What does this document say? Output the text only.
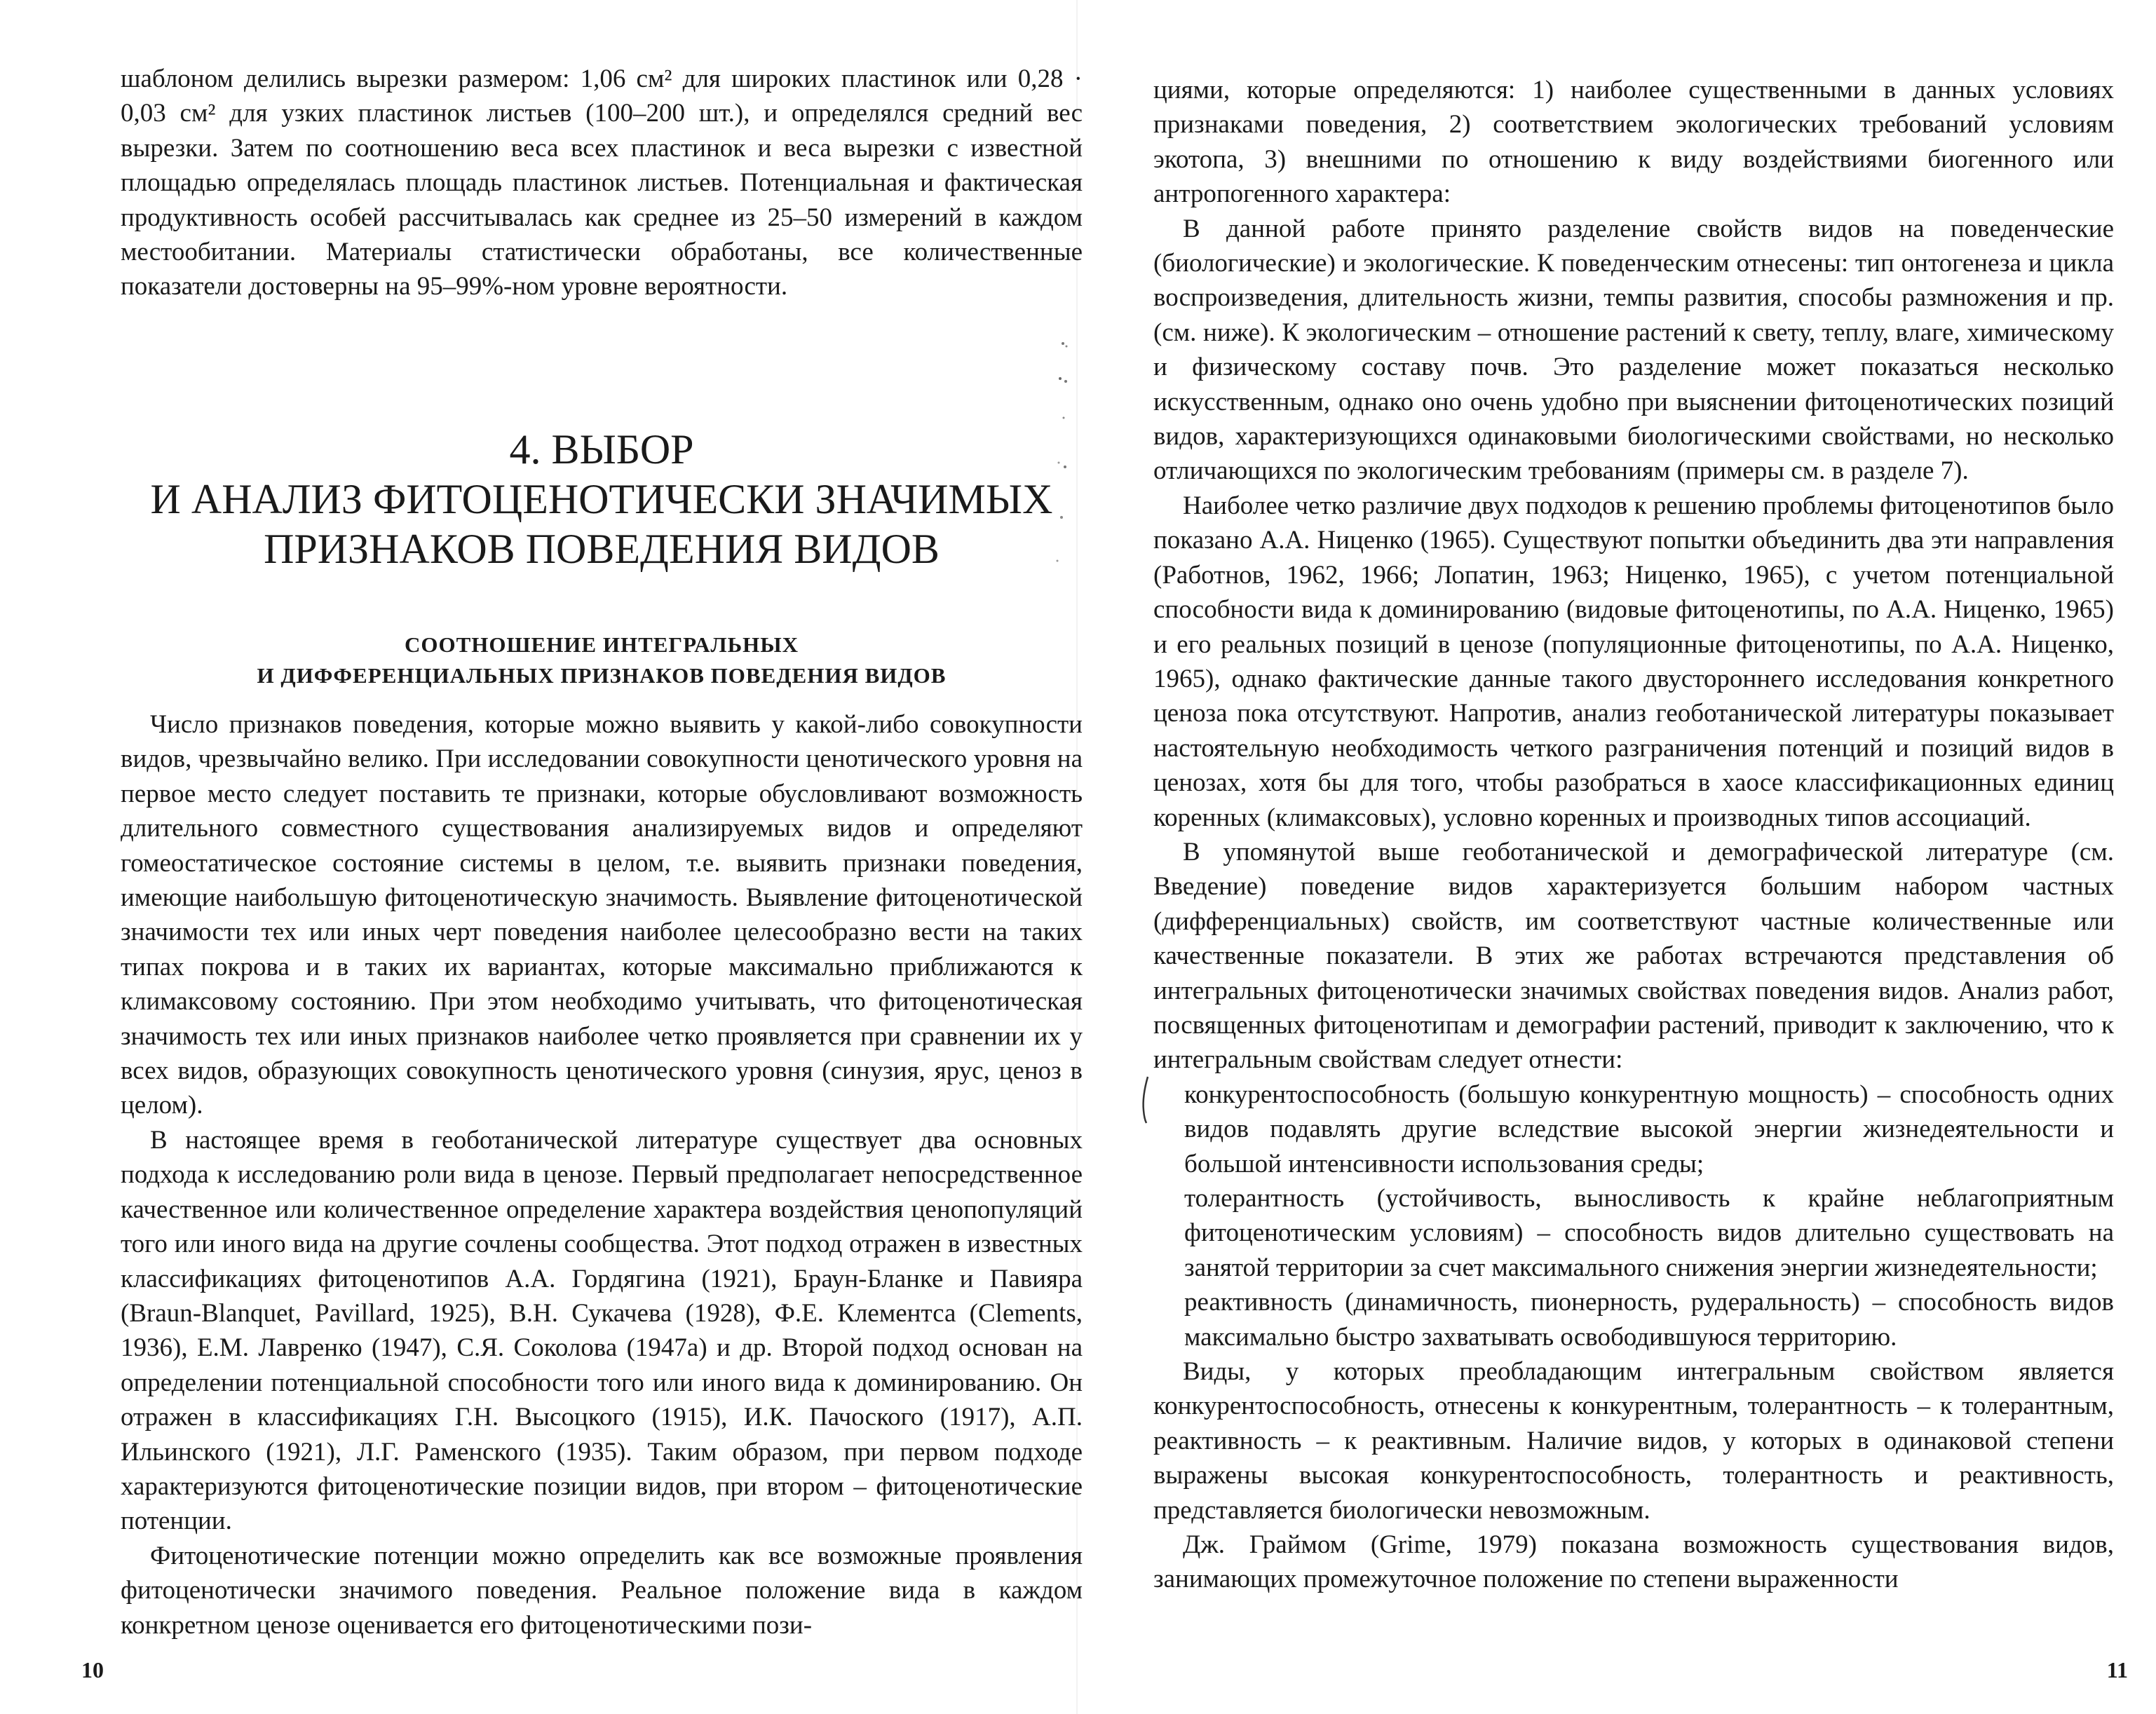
шаблоном делились вырезки размером: 1,06 см² для широких пластинок или 0,28 · 0,03 см² для узких пластинок листьев (100–200 шт.), и определялся средний вес вырезки. Затем по соотношению веса всех пластинок и веса вырезки с известной площадью определялась площадь пластинок листьев. Потенциальная и фактическая продуктивность особей рассчитывалась как среднее из 25–50 измерений в каждом местообитании. Материалы статистически обработаны, все количественные показатели достоверны на 95–99%-ном уровне вероятности.

4. ВЫБОР
И АНАЛИЗ ФИТОЦЕНОТИЧЕСКИ ЗНАЧИМЫХ
ПРИЗНАКОВ ПОВЕДЕНИЯ ВИДОВ
СООТНОШЕНИЕ ИНТЕГРАЛЬНЫХ
И ДИФФЕРЕНЦИАЛЬНЫХ ПРИЗНАКОВ ПОВЕДЕНИЯ ВИДОВ

Число признаков поведения, которые можно выявить у какой-либо совокупности видов, чрезвычайно велико. При исследовании совокупности ценотического уровня на первое место следует поставить те признаки, которые обусловливают возможность длительного совместного существования анализируемых видов и определяют гомеостатическое состояние системы в целом, т.е. выявить признаки поведения, имеющие наибольшую фитоценотическую значимость. Выявление фитоценотической значимости тех или иных черт поведения наиболее целесообразно вести на таких типах покрова и в таких их вариантах, которые максимально приближаются к климаксовому состоянию. При этом необходимо учитывать, что фитоценотическая значимость тех или иных признаков наиболее четко проявляется при сравнении их у всех видов, образующих совокупность ценотического уровня (синузия, ярус, ценоз в целом).

В настоящее время в геоботанической литературе существует два основных подхода к исследованию роли вида в ценозе. Первый предполагает непосредственное качественное или количественное определение характера воздействия ценопопуляций того или иного вида на другие сочлены сообщества. Этот подход отражен в известных классификациях фитоценотипов А.А. Гордягина (1921), Браун-Бланке и Павияра (Braun-Blanquet, Pavillard, 1925), В.Н. Сукачева (1928), Ф.Е. Клементса (Clements, 1936), Е.М. Лавренко (1947), С.Я. Соколова (1947а) и др. Второй подход основан на определении потенциальной способности того или иного вида к доминированию. Он отражен в классификациях Г.Н. Высоцкого (1915), И.К. Пачоского (1917), А.П. Ильинского (1921), Л.Г. Раменского (1935). Таким образом, при первом подходе характеризуются фитоценотические позиции видов, при втором – фитоценотические потенции.

Фитоценотические потенции можно определить как все возможные проявления фитоценотически значимого поведения. Реальное положение вида в каждом конкретном ценозе оценивается его фитоценотическими пози-

10

циями, которые определяются: 1) наиболее существенными в данных условиях признаками поведения, 2) соответствием экологических требований условиям экотопа, 3) внешними по отношению к виду воздействиями биогенного или антропогенного характера:

В данной работе принято разделение свойств видов на поведенческие (биологические) и экологические. К поведенческим отнесены: тип онтогенеза и цикла воспроизведения, длительность жизни, темпы развития, способы размножения и пр. (см. ниже). К экологическим – отношение растений к свету, теплу, влаге, химическому и физическому составу почв. Это разделение может показаться несколько искусственным, однако оно очень удобно при выяснении фитоценотических позиций видов, характеризующихся одинаковыми биологическими свойствами, но несколько отличающихся по экологическим требованиям (примеры см. в разделе 7).

Наиболее четко различие двух подходов к решению проблемы фитоценотипов было показано А.А. Ниценко (1965). Существуют попытки объединить два эти направления (Работнов, 1962, 1966; Лопатин, 1963; Ниценко, 1965), с учетом потенциальной способности вида к доминированию (видовые фитоценотипы, по А.А. Ниценко, 1965) и его реальных позиций в ценозе (популяционные фитоценотипы, по А.А. Ниценко, 1965), однако фактические данные такого двустороннего исследования конкретного ценоза пока отсутствуют. Напротив, анализ геоботанической литературы показывает настоятельную необходимость четкого разграничения потенций и позиций видов в ценозах, хотя бы для того, чтобы разобраться в хаосе классификационных единиц коренных (климаксовых), условно коренных и производных типов ассоциаций.

В упомянутой выше геоботанической и демографической литературе (см. Введение) поведение видов характеризуется большим набором частных (дифференциальных) свойств, им соответствуют частные количественные или качественные показатели. В этих же работах встречаются представления об интегральных фитоценотически значимых свойствах поведения видов. Анализ работ, посвященных фитоценотипам и демографии растений, приводит к заключению, что к интегральным свойствам следует отнести:

конкурентоспособность (большую конкурентную мощность) – способность одних видов подавлять другие вследствие высокой энергии жизнедеятельности и большой интенсивности использования среды;

толерантность (устойчивость, выносливость к крайне неблагоприятным фитоценотическим условиям) – способность видов длительно существовать на занятой территории за счет максимального снижения энергии жизнедеятельности;

реактивность (динамичность, пионерность, рудеральность) – способность видов максимально быстро захватывать освободившуюся территорию.

Виды, у которых преобладающим интегральным свойством является конкурентоспособность, отнесены к конкурентным, толерантность – к толерантным, реактивность – к реактивным. Наличие видов, у которых в одинаковой степени выражены высокая конкурентоспособность, толерантность и реактивность, представляется биологически невозможным.

Дж. Граймом (Grime, 1979) показана возможность существования видов, занимающих промежуточное положение по степени выраженности

11
